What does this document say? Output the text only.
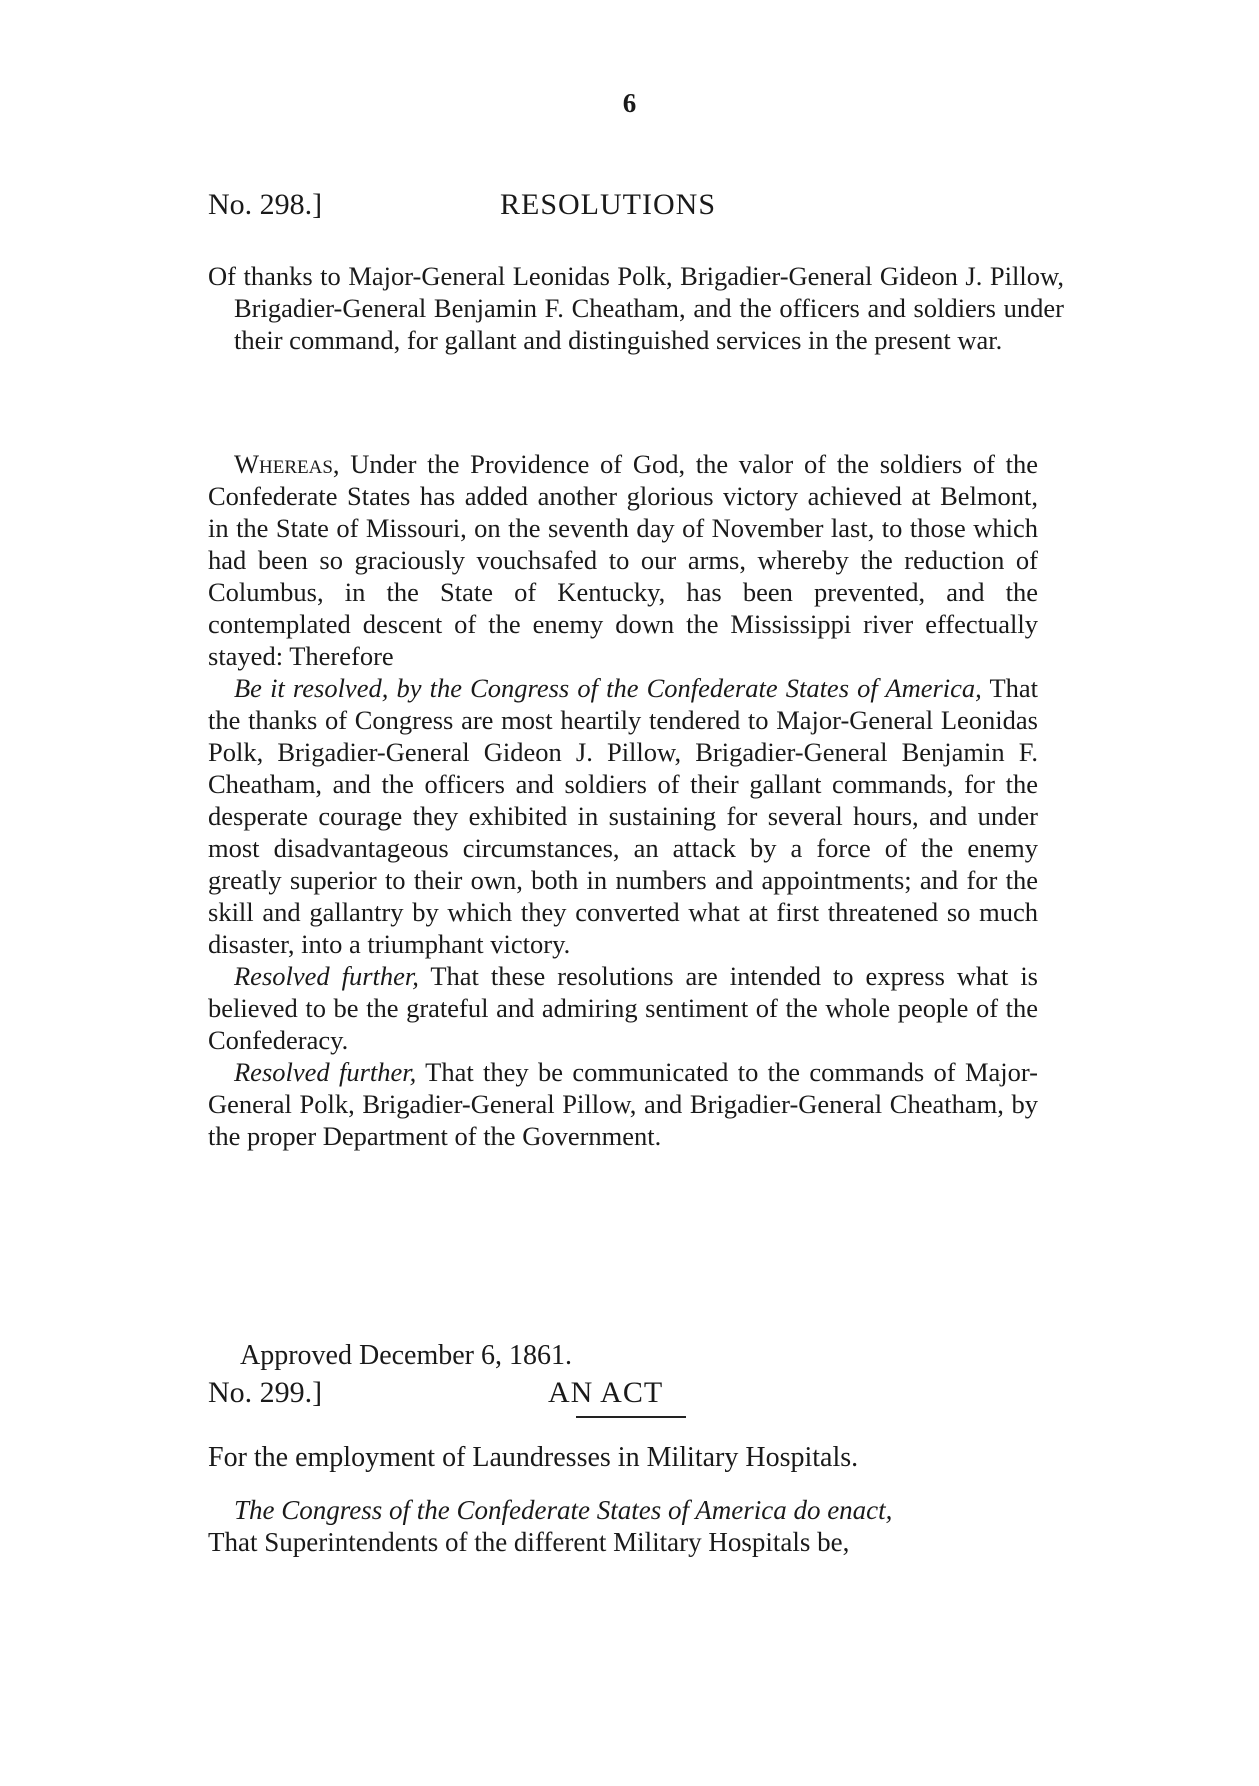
6
No. 298.]	RESOLUTIONS
Of thanks to Major-General Leonidas Polk, Brigadier-General Gideon J. Pillow, Brigadier-General Benjamin F. Cheatham, and the officers and soldiers under their command, for gallant and distinguished services in the present war.

Whereas, Under the Providence of God, the valor of the soldiers of the Confederate States has added another glorious victory achieved at Belmont, in the State of Missouri, on the seventh day of November last, to those which had been so graciously vouchsafed to our arms, whereby the reduction of Columbus, in the State of Kentucky, has been prevented, and the contemplated descent of the enemy down the Mississippi river effectually stayed: Therefore

Be it resolved, by the Congress of the Confederate States of America, That the thanks of Congress are most heartily tendered to Major-General Leonidas Polk, Brigadier-General Gideon J. Pillow, Brigadier-General Benjamin F. Cheatham, and the officers and soldiers of their gallant commands, for the desperate courage they exhibited in sustaining for several hours, and under most disadvantageous circumstances, an attack by a force of the enemy greatly superior to their own, both in numbers and appointments; and for the skill and gallantry by which they converted what at first threatened so much disaster, into a triumphant victory.

Resolved further, That these resolutions are intended to express what is believed to be the grateful and admiring sentiment of the whole people of the Confederacy.

Resolved further, That they be communicated to the commands of Major-General Polk, Brigadier-General Pillow, and Brigadier-General Cheatham, by the proper Department of the Government.

Approved December 6, 1861.
No. 299.]	AN ACT
For the employment of Laundresses in Military Hospitals.

The Congress of the Confederate States of America do enact,

That Superintendents of the different Military Hospitals be,
